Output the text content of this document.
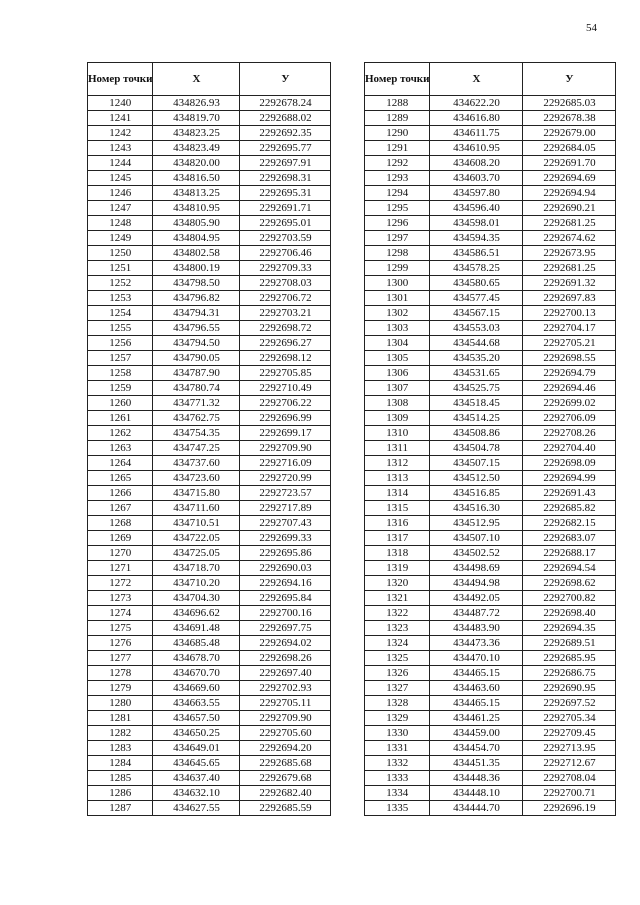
54
Номер точки	X	У
1240	434826.93	2292678.24
1241	434819.70	2292688.02
1242	434823.25	2292692.35
1243	434823.49	2292695.77
1244	434820.00	2292697.91
1245	434816.50	2292698.31
1246	434813.25	2292695.31
1247	434810.95	2292691.71
1248	434805.90	2292695.01
1249	434804.95	2292703.59
1250	434802.58	2292706.46
1251	434800.19	2292709.33
1252	434798.50	2292708.03
1253	434796.82	2292706.72
1254	434794.31	2292703.21
1255	434796.55	2292698.72
1256	434794.50	2292696.27
1257	434790.05	2292698.12
1258	434787.90	2292705.85
1259	434780.74	2292710.49
1260	434771.32	2292706.22
1261	434762.75	2292696.99
1262	434754.35	2292699.17
1263	434747.25	2292709.90
1264	434737.60	2292716.09
1265	434723.60	2292720.99
1266	434715.80	2292723.57
1267	434711.60	2292717.89
1268	434710.51	2292707.43
1269	434722.05	2292699.33
1270	434725.05	2292695.86
1271	434718.70	2292690.03
1272	434710.20	2292694.16
1273	434704.30	2292695.84
1274	434696.62	2292700.16
1275	434691.48	2292697.75
1276	434685.48	2292694.02
1277	434678.70	2292698.26
1278	434670.70	2292697.40
1279	434669.60	2292702.93
1280	434663.55	2292705.11
1281	434657.50	2292709.90
1282	434650.25	2292705.60
1283	434649.01	2292694.20
1284	434645.65	2292685.68
1285	434637.40	2292679.68
1286	434632.10	2292682.40
1287	434627.55	2292685.59
Номер точки	X	У
1288	434622.20	2292685.03
1289	434616.80	2292678.38
1290	434611.75	2292679.00
1291	434610.95	2292684.05
1292	434608.20	2292691.70
1293	434603.70	2292694.69
1294	434597.80	2292694.94
1295	434596.40	2292690.21
1296	434598.01	2292681.25
1297	434594.35	2292674.62
1298	434586.51	2292673.95
1299	434578.25	2292681.25
1300	434580.65	2292691.32
1301	434577.45	2292697.83
1302	434567.15	2292700.13
1303	434553.03	2292704.17
1304	434544.68	2292705.21
1305	434535.20	2292698.55
1306	434531.65	2292694.79
1307	434525.75	2292694.46
1308	434518.45	2292699.02
1309	434514.25	2292706.09
1310	434508.86	2292708.26
1311	434504.78	2292704.40
1312	434507.15	2292698.09
1313	434512.50	2292694.99
1314	434516.85	2292691.43
1315	434516.30	2292685.82
1316	434512.95	2292682.15
1317	434507.10	2292683.07
1318	434502.52	2292688.17
1319	434498.69	2292694.54
1320	434494.98	2292698.62
1321	434492.05	2292700.82
1322	434487.72	2292698.40
1323	434483.90	2292694.35
1324	434473.36	2292689.51
1325	434470.10	2292685.95
1326	434465.15	2292686.75
1327	434463.60	2292690.95
1328	434465.15	2292697.52
1329	434461.25	2292705.34
1330	434459.00	2292709.45
1331	434454.70	2292713.95
1332	434451.35	2292712.67
1333	434448.36	2292708.04
1334	434448.10	2292700.71
1335	434444.70	2292696.19
